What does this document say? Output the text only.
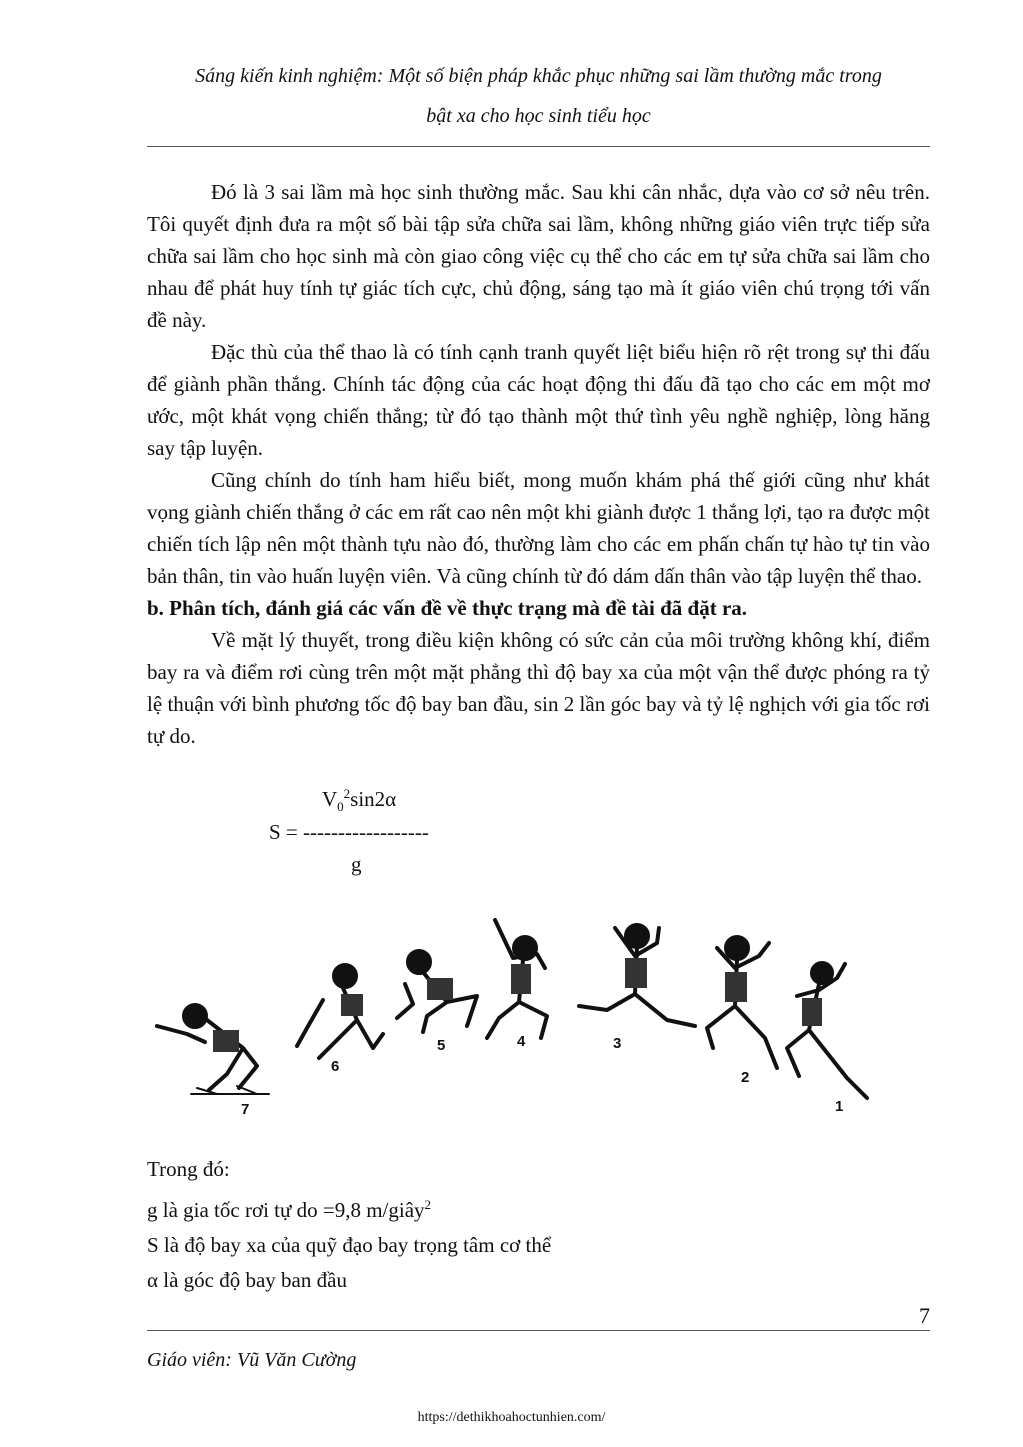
Sáng kiến kinh nghiệm: Một số biện pháp khắc phục những sai lầm thường mắc trong
bật xa cho học sinh tiểu học

Đó là 3 sai lầm mà học sinh thường mắc. Sau khi cân nhắc, dựa vào cơ sở nêu trên. Tôi quyết định đưa ra một số bài tập sửa chữa sai lầm, không những giáo viên trực tiếp sửa chữa sai lầm cho học sinh mà còn giao công việc cụ thể cho các em tự sửa chữa sai lầm cho nhau để phát huy tính tự giác tích cực, chủ động, sáng tạo mà ít giáo viên chú trọng tới vấn đề này.

Đặc thù của thể thao là có tính cạnh tranh quyết liệt biểu hiện rõ rệt trong sự thi đấu để giành phần thắng. Chính tác động của các hoạt động thi đấu đã tạo cho các em một mơ ước, một khát vọng chiến thắng; từ đó tạo thành một thứ tình yêu nghề nghiệp, lòng hăng say tập luyện.

Cũng chính do tính ham hiểu biết, mong muốn khám phá thế giới cũng như khát vọng giành chiến thắng ở các em rất cao nên một khi giành được 1 thắng lợi, tạo ra được một chiến tích lập nên một thành tựu nào đó, thường làm cho các em phấn chấn tự hào tự tin vào bản thân, tin vào huấn luyện viên. Và cũng chính từ đó dám dấn thân vào tập luyện thể thao.

b. Phân tích, đánh giá các vấn đề về thực trạng mà đề tài đã đặt ra.

Về mặt lý thuyết, trong điều kiện không có sức cản của môi trường không khí, điểm bay ra và điểm rơi cùng trên một mặt phẳng thì độ bay xa của một vận thể được phóng ra tỷ lệ thuận với bình phương tốc độ bay ban đầu, sin 2 lần góc bay và tỷ lệ nghịch với gia tốc rơi tự do.

$V_0^2\sin 2\alpha$
S = ------------------
g
1
2
3
4
5
6
7
Trong đó:
g là gia tốc rơi tự do =9,8 m/giây$^2$
S là độ bay xa của quỹ đạo bay trọng tâm cơ thể
α là góc độ bay ban đầu
7
Giáo viên: Vũ Văn Cường
https://dethikhoahoctunhien.com/
